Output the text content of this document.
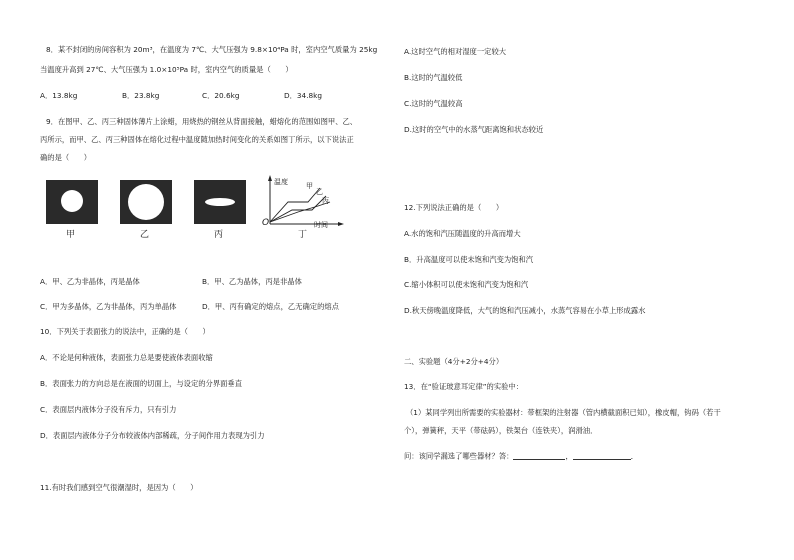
8．某不封闭的房间容积为 20m³，在温度为 7℃、大气压强为 9.8×10⁴Pa 时，室内空气质量为 25kg
当温度升高到 27℃、大气压强为 1.0×10⁵Pa 时，室内空气的质量是（　　）
A．13.8kg	B．23.8kg	C．20.6kg	D．34.8kg
9．在图甲、乙、丙三种固体薄片上涂蜡，用烧热的钢丝从背面接触，蜡熔化的范围如图甲、乙、
丙所示，而甲、乙、丙三种固体在熔化过程中温度随加热时间变化的关系如图丁所示，以下说法正
确的是（　　）
甲	乙	丙
温度
O	时间
甲
乙
丙
丁
A．甲、乙为非晶体，丙是晶体	B．甲、乙为晶体，丙是非晶体
C．甲为多晶体，乙为非晶体，丙为单晶体	D．甲、丙有确定的熔点，乙无确定的熔点
10．下列关于表面张力的说法中，正确的是（　　）
A．不论是何种液体，表面张力总是要使液体表面收缩
B．表面张力的方向总是在液面的切面上，与设定的分界面垂直
C．表面层内液体分子没有斥力，只有引力
D．表面层内液体分子分布较液体内部稀疏，分子间作用力表现为引力
11.有时我们感到空气很潮湿时，是因为（　　）
A.这时空气的相对湿度一定较大
B.这时的气温较低
C.这时的气温较高
D.这时的空气中的水蒸气距离饱和状态较近
12.下列说法正确的是（　　）
A.水的饱和汽压随温度的升高而增大
B．升高温度可以使未饱和汽变为饱和汽
C.缩小体积可以使未饱和汽变为饱和汽
D.秋天傍晚温度降低，大气的饱和汽压减小，水蒸气容易在小草上形成露水
二、实验题（4分+2分+4分）
13．在“验证玻意耳定律”的实验中：
（1）某同学列出所需要的实验器材：带框架的注射器（管内横截面积已知），橡皮帽，钩码（若干
个），弹簧秤，天平（带砝码），铁架台（连铁夹），润滑油．
问：该同学漏选了哪些器材？答：	，	．
